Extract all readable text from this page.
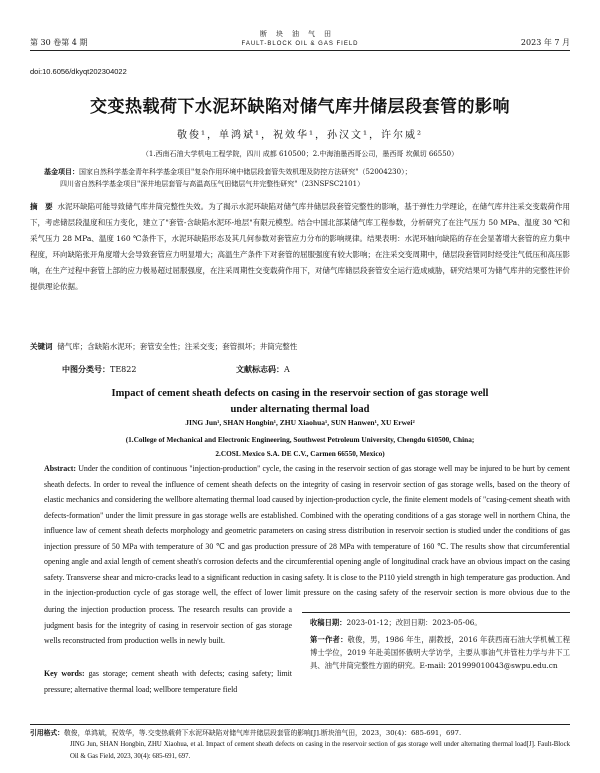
第 30 卷第 4 期
断块油气田
FAULT-BLOCK OIL & GAS FIELD	2023 年 7 月
doi:10.6056/dkyqt202304022
交变热载荷下水泥环缺陷对储气库井储层段套管的影响
敬俊¹，单鸿斌¹，祝效华¹，孙汉文¹，许尔威²
（1.西南石油大学机电工程学院，四川 成都 610500；2.中海油墨西哥公司，墨西哥 坎佩切 66550）
基金项目：国家自然科学基金青年科学基金项目"复杂作用环境中储层段套管失效机理及防控方法研究"（52004230）；
四川省自然科学基金项目"深井地层套管与高温高压气田储层气井完整性研究"（23NSFSC2101）
摘　要 水泥环缺陷可能导致储气库井筒完整性失效。为了揭示水泥环缺陷对储气库井储层段套管完整性的影响，基于弹性力学理论，在储气库井注采交变载荷作用下，考虑储层段温度和压力变化，建立了"套管-含缺陷水泥环-地层"有限元模型。结合中国北部某储气库工程参数，分析研究了在注气压力 50 MPa、温度 30 ℃和采气压力 28 MPa、温度 160 ℃条件下，水泥环缺陷形态及其几何参数对套管应力分布的影响规律。结果表明：水泥环轴向缺陷的存在会显著增大套管的应力集中程度，环向缺陷张开角度增大会导致套管应力明显增大；高温生产条件下对套管的屈服强度有较大影响；在注采交变周期中，储层段套管同时经受注气低压和高压影响，在生产过程中套管上部的应力极易超过屈服强度，在注采周期性交变载荷作用下，对储气库储层段套管安全运行造成威胁，研究结果可为储气库井的完整性评价提供理论依据。
关键词 储气库；含缺陷水泥环；套管安全性；注采交变；套管损坏；井筒完整性
中图分类号：TE822	文献标志码：A
Impact of cement sheath defects on casing in the reservoir section of gas storage well
under alternating thermal load
JING Jun¹, SHAN Hongbin¹, ZHU Xiaohua¹, SUN Hanwen¹, XU Erwei²
(1.College of Mechanical and Electronic Engineering, Southwest Petroleum University, Chengdu 610500, China;
2.COSL Mexico S.A. DE C.V., Carmen 66550, Mexico)
Abstract: Under the condition of continuous "injection-production" cycle, the casing in the reservoir section of gas storage well may be injured to be hurt by cement sheath defects. In order to reveal the influence of cement sheath defects on the integrity of casing in reservoir section of gas storage wells, based on the theory of elastic mechanics and considering the wellbore alternating thermal load caused by injection-production cycle, the finite element models of "casing-cement sheath with defects-formation" under the limit pressure in gas storage wells are established. Combined with the operating conditions of a gas storage well in northern China, the influence law of cement sheath defects morphology and geometric parameters on casing stress distribution in reservoir section is studied under the conditions of gas injection pressure of 50 MPa with temperature of 30 ℃ and gas production pressure of 28 MPa with temperature of 160 ℃. The results show that circumferential opening angle and axial length of cement sheath's corrosion defects and the circumferential opening angle of longitudinal crack have an obvious impact on the casing safety. Transverse shear and micro-cracks lead to a significant reduction in casing safety. It is close to the P110 yield strength in high temperature gas production. And in the injection-production cycle of gas storage well, the effect of lower limit pressure on the casing safety of the reservoir section is more obvious due to the
during the injection production process. The research results can provide a judgment basis for the integrity of casing in reservoir section of gas storage wells reconstructed from production wells in newly built.
Key words: gas storage; cement sheath with defects; casing safety; limit pressure; alternative thermal load; wellbore temperature field
收稿日期：2023-01-12；改回日期：2023-05-06。
第一作者：敬俊，男，1986 年生，副教授，2016 年获西南石油大学机械工程博士学位，2019 年赴美国怀俄明大学访学，主要从事油气井管柱力学与井下工具、油气井筒完整性方面的研究。E-mail: 201999010043@swpu.edu.cn
引用格式：敬俊，单鸿斌，祝效华，等.交变热载荷下水泥环缺陷对储气库井储层段套管的影响[J].断块油气田，2023，30(4)：685-691，697.
JING Jun, SHAN Hongbin, ZHU Xiaohua, et al. Impact of cement sheath defects on casing in the reservoir section of gas storage well under alternating thermal load[J]. Fault-Block Oil & Gas Field, 2023, 30(4): 685-691, 697.
